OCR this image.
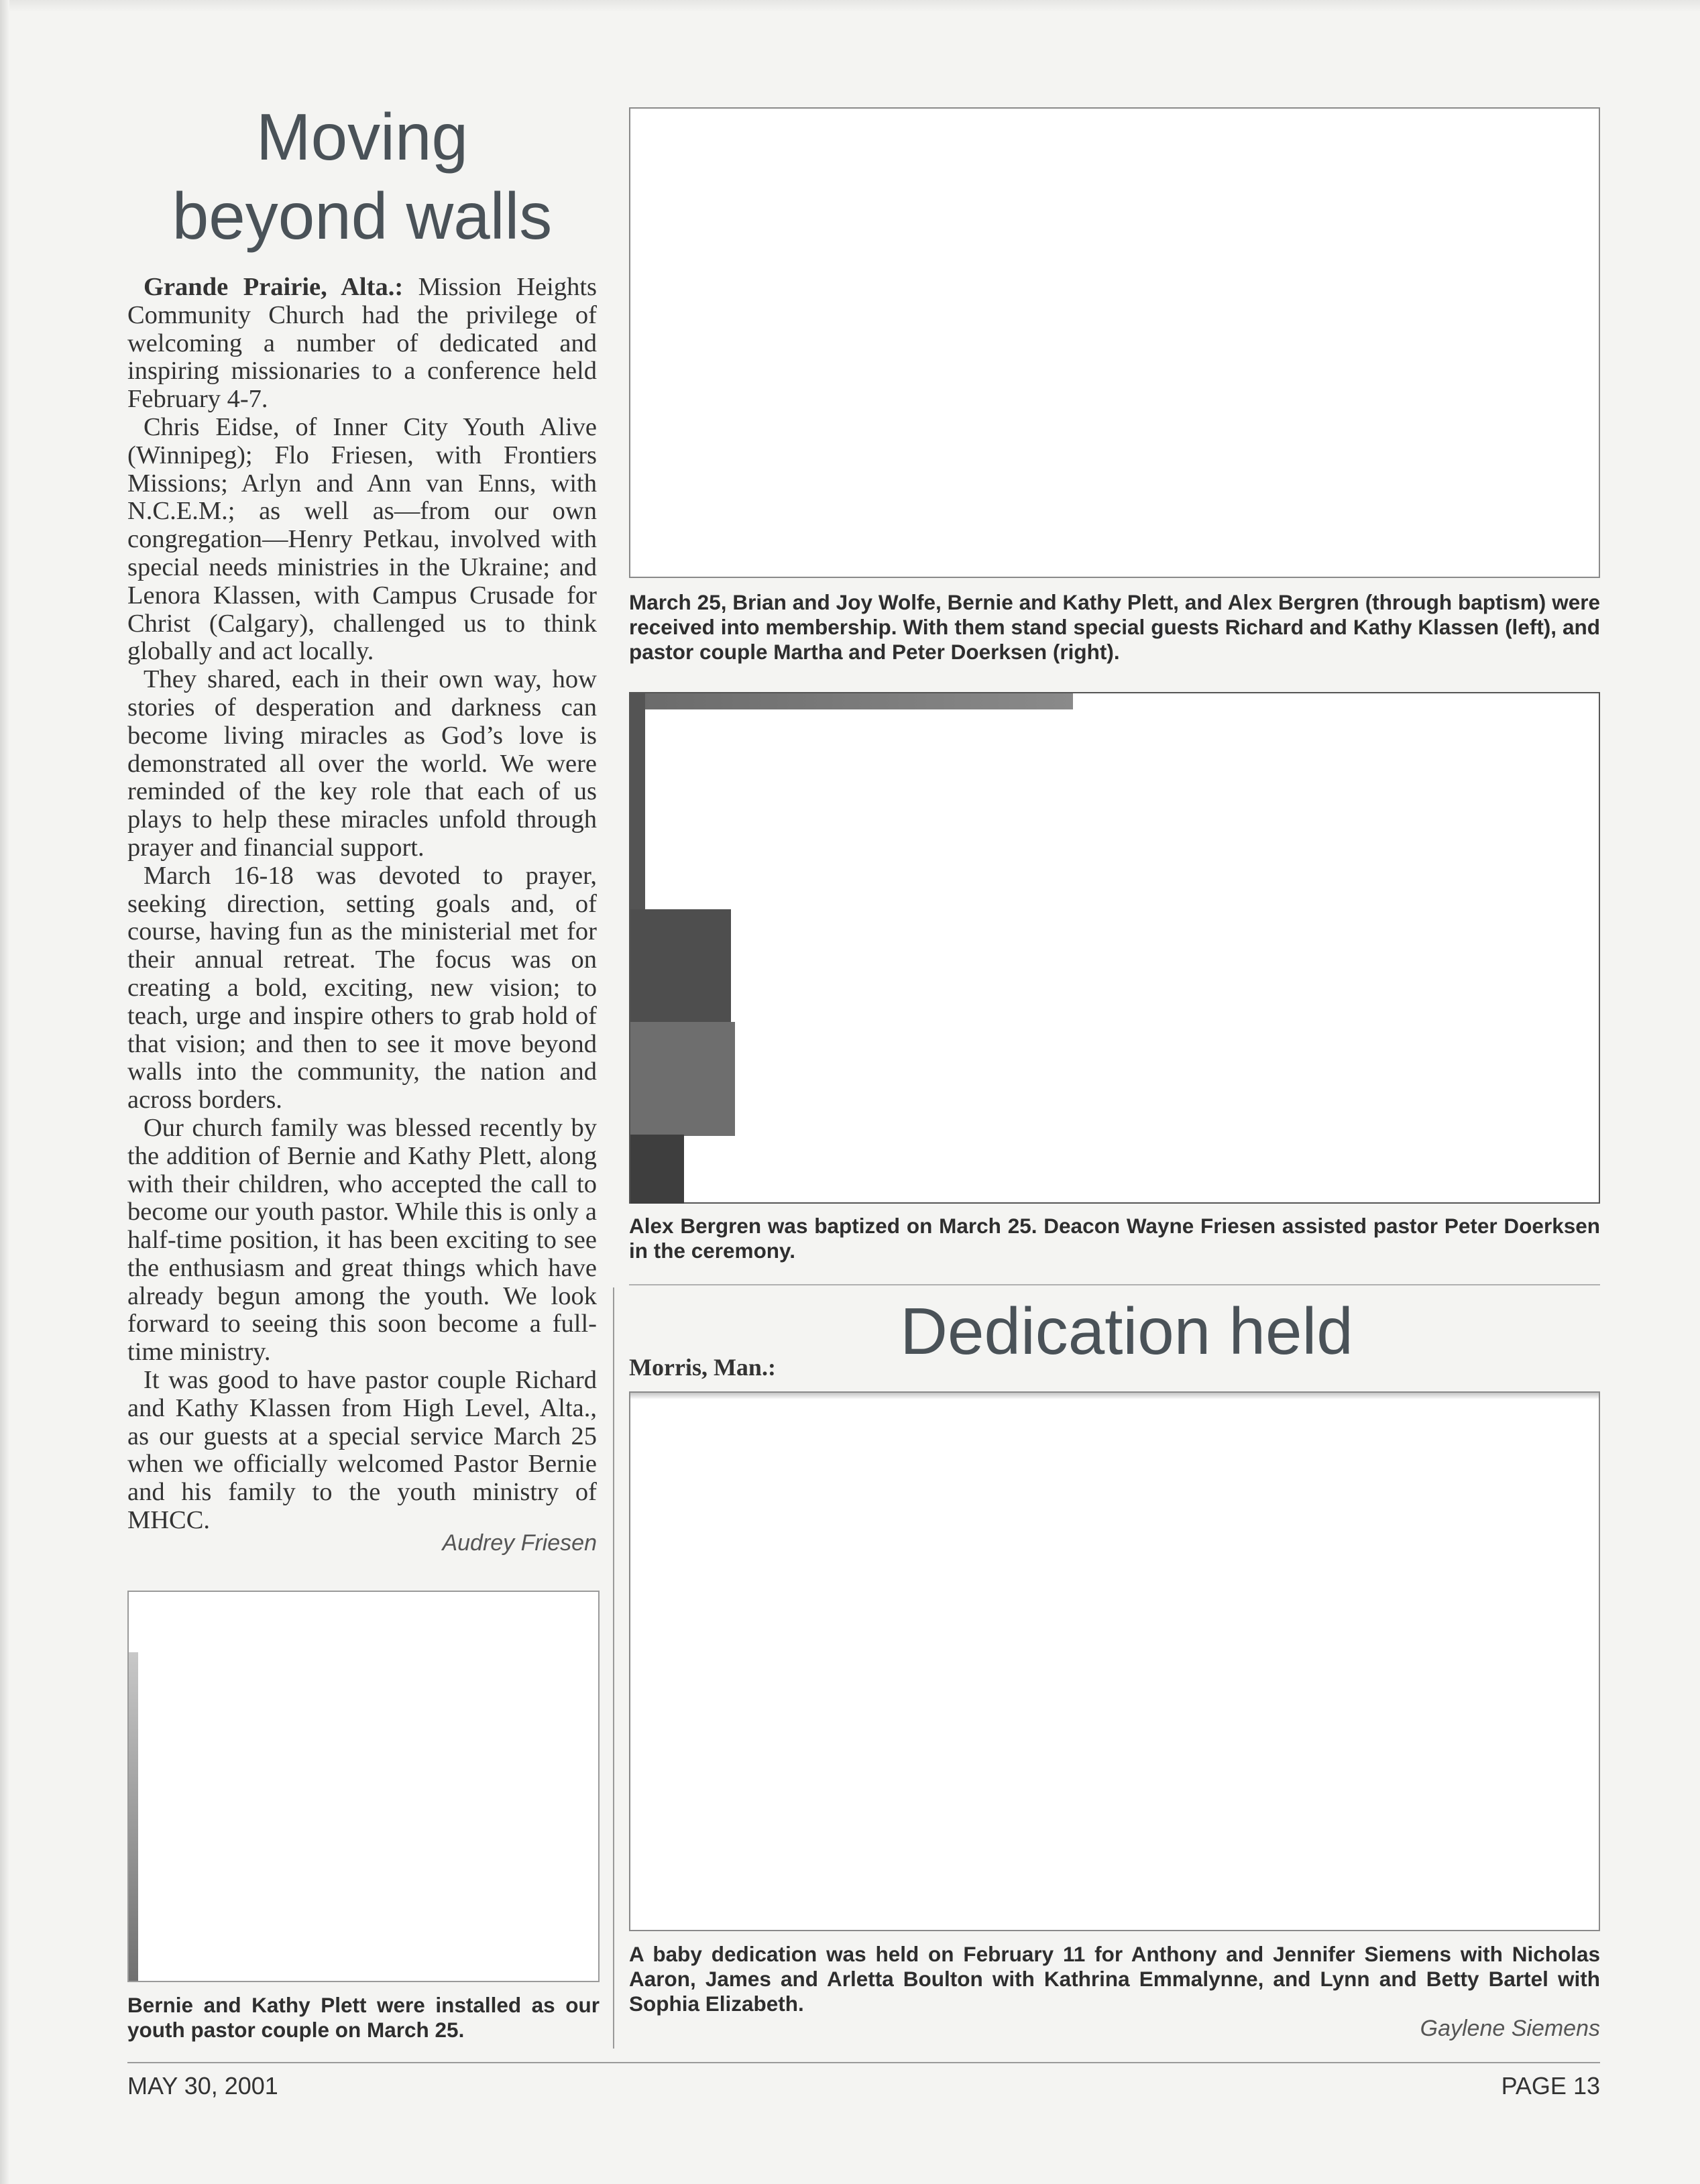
Moving
beyond walls

Grande Prairie, Alta.: Mission Heights Community Church had the privilege of welcoming a number of dedicated and inspiring missionaries to a conference held February 4-7.

Chris Eidse, of Inner City Youth Alive (Winnipeg); Flo Friesen, with Frontiers Missions; Arlyn and Ann van Enns, with N.C.E.M.; as well as—from our own congregation—Henry Petkau, involved with special needs ministries in the Ukraine; and Lenora Klassen, with Campus Crusade for Christ (Calgary), challenged us to think globally and act locally.

They shared, each in their own way, how stories of desperation and darkness can become living miracles as God’s love is demonstrated all over the world. We were reminded of the key role that each of us plays to help these miracles unfold through prayer and financial support.

March 16-18 was devoted to prayer, seeking direction, setting goals and, of course, having fun as the ministerial met for their annual retreat. The focus was on creating a bold, exciting, new vision; to teach, urge and inspire others to grab hold of that vision; and then to see it move beyond walls into the community, the nation and across borders.

Our church family was blessed recently by the addition of Bernie and Kathy Plett, along with their children, who accepted the call to become our youth pastor. While this is only a half-time position, it has been exciting to see the enthusiasm and great things which have already begun among the youth. We look forward to seeing this soon become a full-time ministry.

It was good to have pastor couple Richard and Kathy Klassen from High Level, Alta., as our guests at a special service March 25 when we officially welcomed Pastor Bernie and his family to the youth ministry of MHCC.

Audrey Friesen
Bernie and Kathy Plett were installed as our youth pastor couple on March 25.
March 25, Brian and Joy Wolfe, Bernie and Kathy Plett, and Alex Bergren (through baptism) were received into membership. With them stand special guests Richard and Kathy Klassen (left), and pastor couple Martha and Peter Doerksen (right).
Alex Bergren was baptized on March 25. Deacon Wayne Friesen assisted pastor Peter Doerksen in the ceremony.
Morris, Man.:	Dedication held
A baby dedication was held on February 11 for Anthony and Jennifer Siemens with Nicholas Aaron, James and Arletta Boulton with Kathrina Emmalynne, and Lynn and Betty Bartel with Sophia Elizabeth.
Gaylene Siemens
MAY 30, 2001	PAGE 13
